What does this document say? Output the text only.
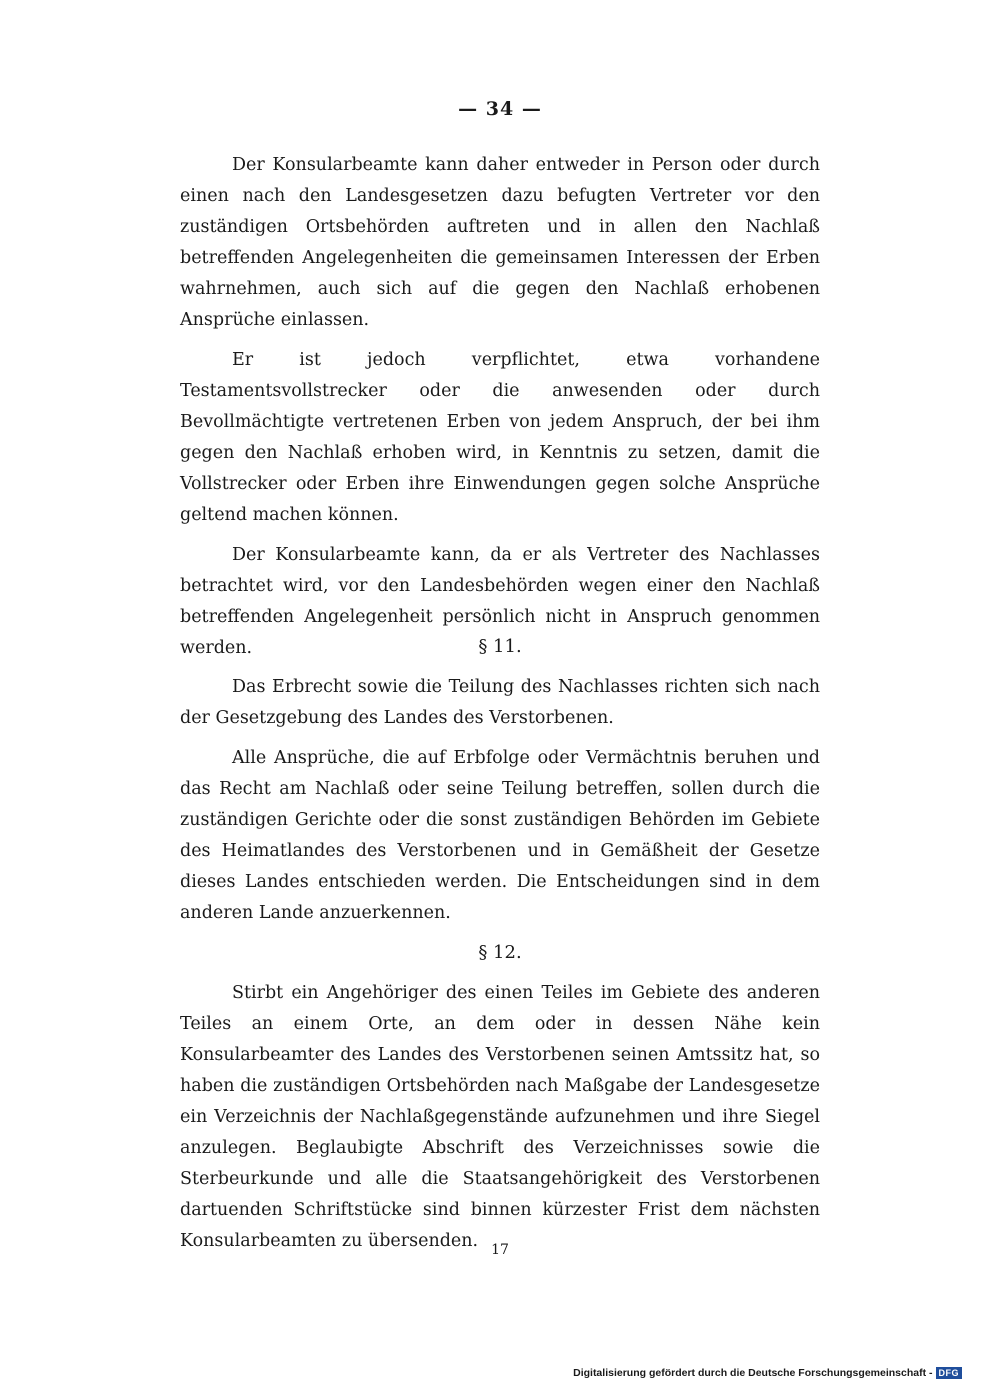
— 34 —

Der Konsularbeamte kann daher entweder in Person oder durch einen nach den Landesgesetzen dazu befugten Vertreter vor den zuständigen Ortsbehörden auftreten und in allen den Nachlaß betreffenden Angelegenheiten die gemeinsamen Interessen der Erben wahrnehmen, auch sich auf die gegen den Nachlaß erhobenen Ansprüche einlassen.

Er ist jedoch verpflichtet, etwa vorhandene Testamentsvollstrecker oder die anwesenden oder durch Bevollmächtigte vertretenen Erben von jedem Anspruch, der bei ihm gegen den Nachlaß erhoben wird, in Kenntnis zu setzen, damit die Vollstrecker oder Erben ihre Einwendungen gegen solche Ansprüche geltend machen können.

Der Konsularbeamte kann, da er als Vertreter des Nachlasses betrachtet wird, vor den Landesbehörden wegen einer den Nachlaß betreffenden Angelegenheit persönlich nicht in Anspruch genommen werden.	§ 11.

Das Erbrecht sowie die Teilung des Nachlasses richten sich nach der Gesetzgebung des Landes des Verstorbenen.

Alle Ansprüche, die auf Erbfolge oder Vermächtnis beruhen und das Recht am Nachlaß oder seine Teilung betreffen, sollen durch die zuständigen Gerichte oder die sonst zuständigen Behörden im Gebiete des Heimatlandes des Verstorbenen und in Gemäßheit der Gesetze dieses Landes entschieden werden. Die Entscheidungen sind in dem anderen Lande anzuerkennen.

§ 12.

Stirbt ein Angehöriger des einen Teiles im Gebiete des anderen Teiles an einem Orte, an dem oder in dessen Nähe kein Konsularbeamter des Landes des Verstorbenen seinen Amtssitz hat, so haben die zuständigen Ortsbehörden nach Maßgabe der Landesgesetze ein Verzeichnis der Nachlaßgegenstände aufzunehmen und ihre Siegel anzulegen. Beglaubigte Abschrift des Verzeichnisses sowie die Sterbeurkunde und alle die Staatsangehörigkeit des Verstorbenen dartuenden Schriftstücke sind binnen kürzester Frist dem nächsten Konsularbeamten zu übersenden. 17
Digitalisierung gefördert durch die Deutsche Forschungsgemeinschaft - DFG
